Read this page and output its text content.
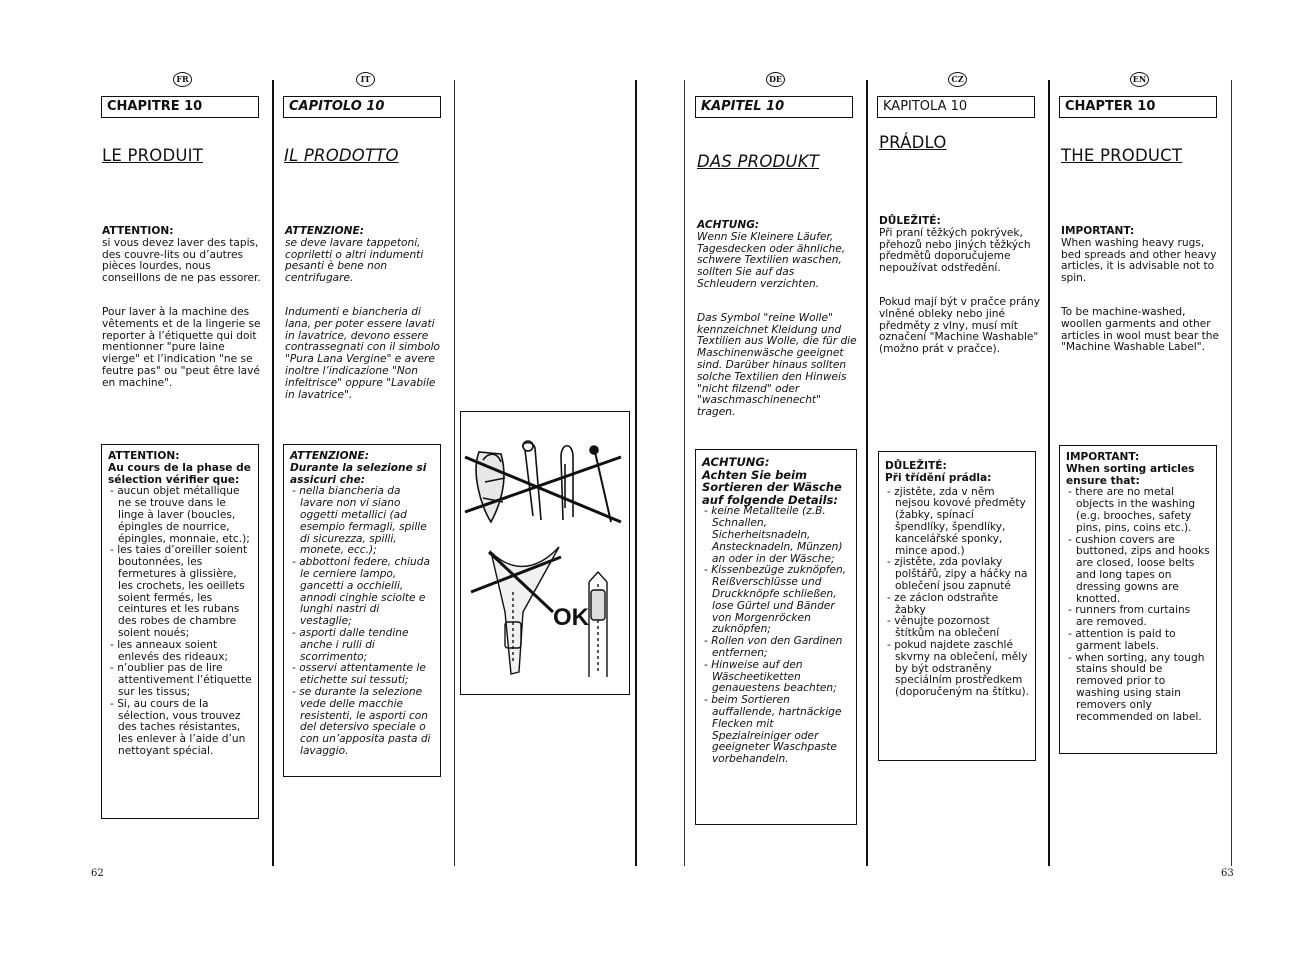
FR
CHAPITRE 10
LE PRODUIT
ATTENTION:
si vous devez laver des tapis, des couvre-lits ou d’autres pièces lourdes, nous conseillons de ne pas essorer.
Pour laver à la machine des vêtements et de la lingerie se reporter à l’étiquette qui doit mentionner "pure laine vierge" et l’indication "ne se feutre pas" ou "peut être lavé en machine".
ATTENTION:
Au cours de la phase de sélection vérifier que:
- aucun objet métallique ne se trouve dans le linge à laver (boucles, épingles de nourrice, épingles, monnaie, etc.);
- les taies d’oreiller soient boutonnées, les fermetures à glissière, les crochets, les oeillets soient fermés, les ceintures et les rubans des robes de chambre soient noués;
- les anneaux soient enlevés des rideaux;
- n’oublier pas de lire attentivement l’étiquette sur les tissus;
- Si, au cours de la sélection, vous trouvez des taches résistantes, les enlever à l’aide d’un nettoyant spécial.
IT
CAPITOLO 10
IL PRODOTTO
ATTENZIONE:
se deve lavare tappetoni, copriletti o altri indumenti pesanti è bene non centrifugare.
Indumenti e biancheria di lana, per poter essere lavati in lavatrice, devono essere contrassegnati con il simbolo "Pura Lana Vergine" e avere inoltre l’indicazione "Non infeltrisce" oppure "Lavabile in lavatrice".
ATTENZIONE:
Durante la selezione si assicuri che:
- nella biancheria da lavare non vi siano oggetti metallici (ad esempio fermagli, spille di sicurezza, spilli, monete, ecc.);
- abbottoni federe, chiuda le cerniere lampo, gancetti a occhielli, annodi cinghie sciolte e lunghi nastri di vestaglie;
- asporti dalle tendine anche i rulli di scorrimento;
- osservi attentamente le etichette sui tessuti;
- se durante la selezione vede delle macchie resistenti, le asporti con del detersivo speciale o con un’apposita pasta di lavaggio.
OK
DE
KAPITEL 10
DAS PRODUKT
ACHTUNG:
Wenn Sie Kleinere Läufer, Tagesdecken oder ähnliche, schwere Textilien waschen, sollten Sie auf das Schleudern verzichten.
Das Symbol "reine Wolle" kennzeichnet Kleidung und Textilien aus Wolle, die für die Maschinenwäsche geeignet sind. Darüber hinaus sollten solche Textilien den Hinweis "nicht filzend" oder "waschmaschinenecht" tragen.
ACHTUNG:
Achten Sie beim Sortieren der Wäsche auf folgende Details:
- keine Metallteile (z.B. Schnallen, Sicherheitsnadeln, Anstecknadeln, Münzen) an oder in der Wäsche;
- Kissenbezüge zuknöpfen, Reißverschlüsse und Druckknöpfe schließen, lose Gürtel und Bänder von Morgenröcken zuknöpfen;
- Rollen von den Gardinen entfernen;
- Hinweise auf den Wäscheetiketten genauestens beachten;
- beim Sortieren auffallende, hartnäckige Flecken mit Spezialreiniger oder geeigneter Waschpaste vorbehandeln.
CZ
KAPITOLA 10
PRÁDLO
DŮLEŽITÉ:
Při praní těžkých pokrývek, přehozů nebo jiných těžkých předmětů doporučujeme nepoužívat odstředění.
Pokud mají být v pračce prány vlněné obleky nebo jiné předměty z vlny, musí mít označení "Machine Washable" (možno prát v pračce).
DŮLEŽITÉ:
Při třídění prádla:
- zjistěte, zda v něm nejsou kovové předměty (žabky, spínací špendlíky, špendlíky, kancelářské sponky, mince apod.)
- zjistěte, zda povlaky polštářů, zipy a háčky na oblečení jsou zapnuté
- ze záclon odstraňte žabky
- věnujte pozornost štítkům na oblečení
- pokud najdete zaschlé skvrny na oblečení, měly by být odstraněny speciálním prostředkem (doporučeným na štítku).
EN
CHAPTER 10
THE PRODUCT
IMPORTANT:
When washing heavy rugs, bed spreads and other heavy articles, it is advisable not to spin.
To be machine-washed, woollen garments and other articles in wool must bear the "Machine Washable Label".
IMPORTANT:
When sorting articles ensure that:
- there are no metal objects in the washing (e.g. brooches, safety pins, pins, coins etc.).
- cushion covers are buttoned, zips and hooks are closed, loose belts and long tapes on dressing gowns are knotted.
- runners from curtains are removed.
- attention is paid to garment labels.
- when sorting, any tough stains should be removed prior to washing using stain removers only recommended on label.
62	63
